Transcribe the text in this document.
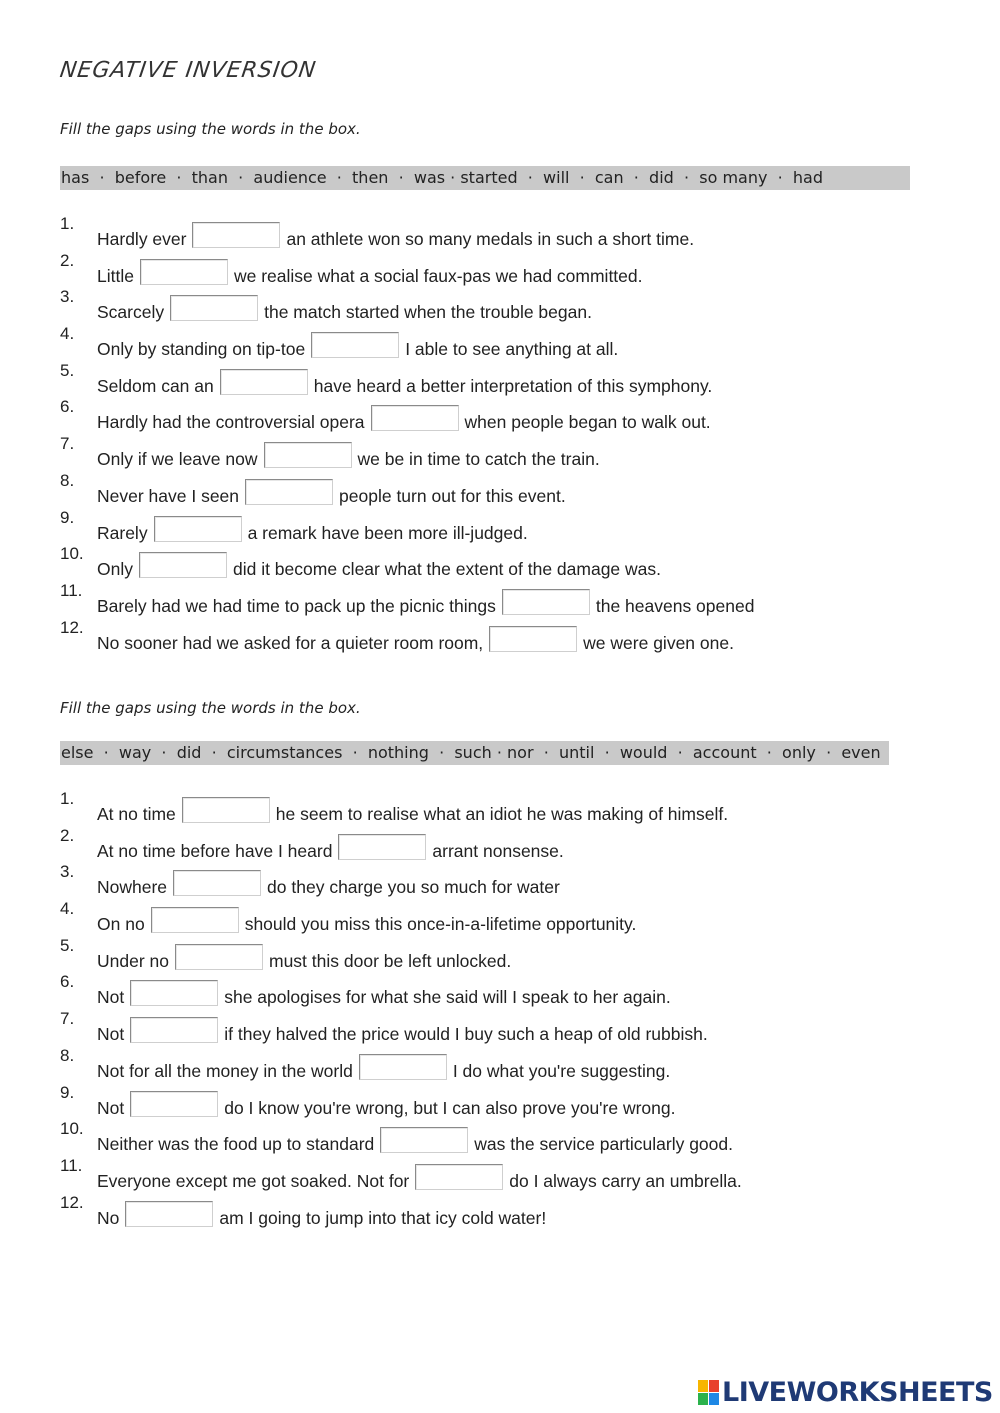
NEGATIVE INVERSION

Fill the gaps using the words in the box.

has  ·  before  ·  than  ·  audience  ·  then  ·  was · started  ·  will  ·  can  ·  did  ·  so many  ·  had
1.
Hardly ever	an athlete won so many medals in such a short time.
2.
Little	we realise what a social faux-pas we had committed.
3.
Scarcely	the match started when the trouble began.
4.
Only by standing on tip-toe	I able to see anything at all.
5.
Seldom can an	have heard a better interpretation of this symphony.
6.
Hardly had the controversial opera	when people began to walk out.
7.
Only if we leave now	we be in time to catch the train.
8.
Never have I seen	people turn out for this event.
9.
Rarely	a remark have been more ill-judged.
10.
Only	did it become clear what the extent of the damage was.
11.
Barely had we had time to pack up the picnic things	the heavens opened
12.
No sooner had we asked for a quieter room room,	we were given one.

Fill the gaps using the words in the box.

else  ·  way  ·  did  ·  circumstances  ·  nothing  ·  such · nor  ·  until  ·  would  ·  account  ·  only  ·  even
1.
At no time	he seem to realise what an idiot he was making of himself.
2.
At no time before have I heard	arrant nonsense.
3.
Nowhere	do they charge you so much for water
4.
On no	should you miss this once-in-a-lifetime opportunity.
5.
Under no	must this door be left unlocked.
6.
Not	she apologises for what she said will I speak to her again.
7.
Not	if they halved the price would I buy such a heap of old rubbish.
8.
Not for all the money in the world	I do what you're suggesting.
9.
Not	do I know you're wrong, but I can also prove you're wrong.
10.
Neither was the food up to standard	was the service particularly good.
11.
Everyone except me got soaked. Not for	do I always carry an umbrella.
12.
No	am I going to jump into that icy cold water!
LIVEWORKSHEETS
